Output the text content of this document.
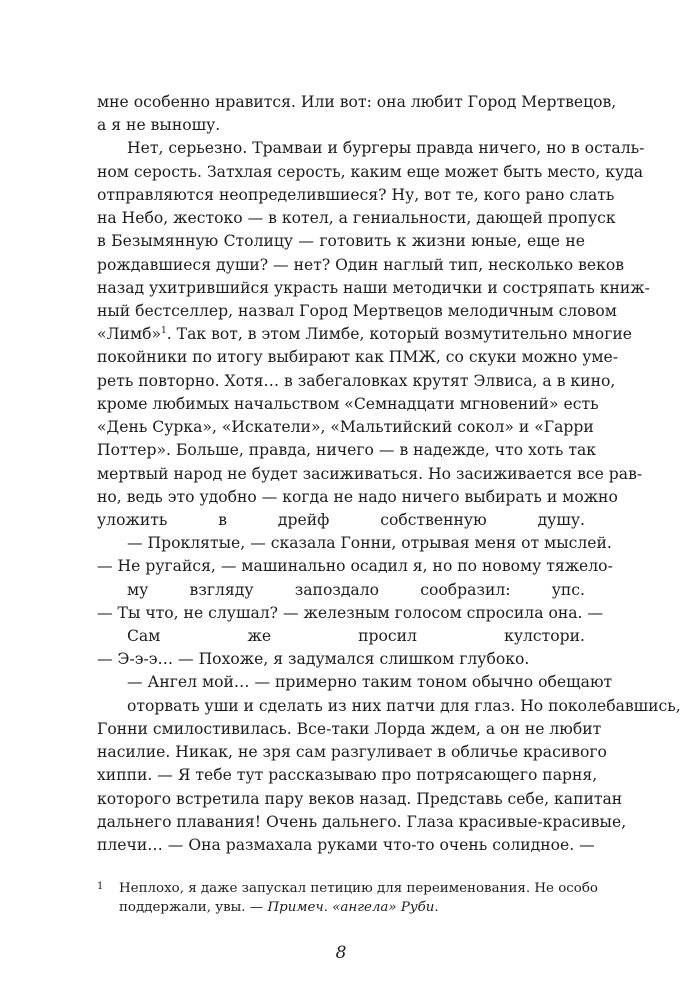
мне особенно нравится. Или вот: она любит Город Мертвецов,
а я не выношу.
Нет, серьезно. Трамваи и бургеры правда ничего, но в осталь-
ном серость. Затхлая серость, каким еще может быть место, куда
отправляются неопределившиеся? Ну, вот те, кого рано слать
на Небо, жестоко — в котел, а гениальности, дающей пропуск
в Безымянную Столицу — готовить к жизни юные, еще не
рождавшиеся души? — нет? Один наглый тип, несколько веков
назад ухитрившийся украсть наши методички и состряпать книж-
ный бестселлер, назвал Город Мертвецов мелодичным словом
«Лимб»$^1$. Так вот, в этом Лимбе, который возмутительно многие
покойники по итогу выбирают как ПМЖ, со скуки можно уме-
реть повторно. Хотя… в забегаловках крутят Элвиса, а в кино,
кроме любимых начальством «Семнадцати мгновений» есть
«День Сурка», «Искатели», «Мальтийский сокол» и «Гарри
Поттер». Больше, правда, ничего — в надежде, что хоть так
мертвый народ не будет засиживаться. Но засиживается все рав-
но, ведь это удобно — когда не надо ничего выбирать и можно
уложить в дрейф собственную душу.
— Проклятые, — сказала Гонни, отрывая меня от мыслей.
— Не ругайся, — машинально осадил я, но по новому тяжело-
му взгляду запоздало сообразил: упс.
— Ты что, не слушал? — железным голосом спросила она. —
Сам же просил кулстори.
— Э-э-э… — Похоже, я задумался слишком глубоко.
— Ангел мой… — примерно таким тоном обычно обещают
оторвать уши и сделать из них патчи для глаз. Но поколебавшись,
Гонни смилостивилась. Все-таки Лорда ждем, а он не любит
насилие. Никак, не зря сам разгуливает в обличье красивого
хиппи. — Я тебе тут рассказываю про потрясающего парня,
которого встретила пару веков назад. Представь себе, капитан
дальнего плавания! Очень дальнего. Глаза красивые-красивые,
плечи… — Она размахала руками что-то очень солидное. —
1 Неплохо, я даже запускал петицию для переименования. Не особо
поддержали, увы. — Примеч. «ангела» Руби.
8
